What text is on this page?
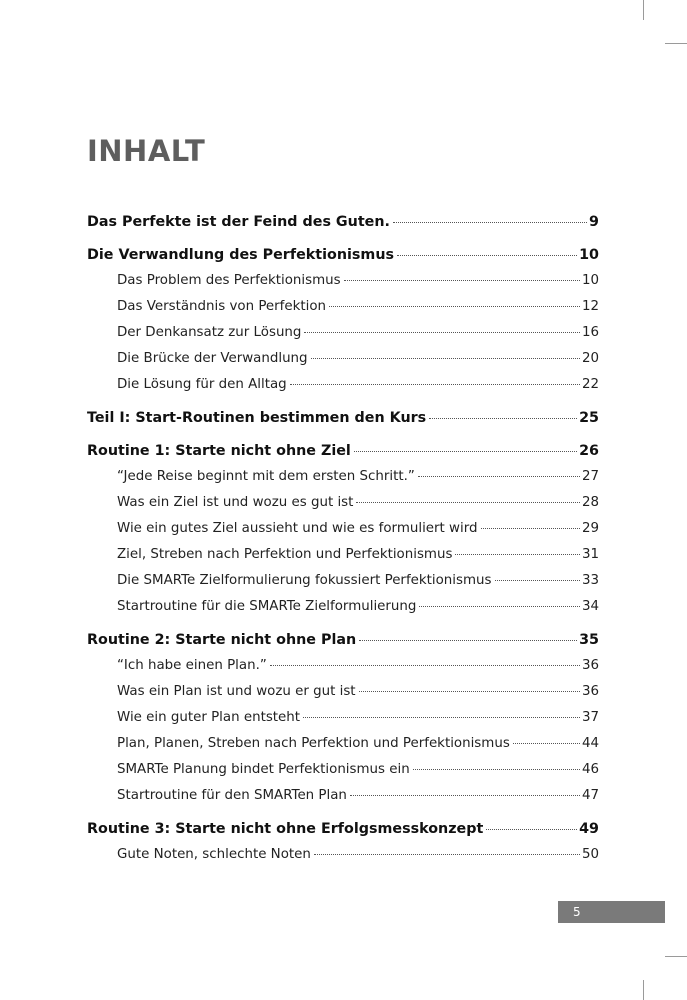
INHALT
Das Perfekte ist der Feind des Guten.	9
Die Verwandlung des Perfektionismus	10
Das Problem des Perfektionismus	10
Das Verständnis von Perfektion	12
Der Denkansatz zur Lösung	16
Die Brücke der Verwandlung	20
Die Lösung für den Alltag	22
Teil I: Start-Routinen bestimmen den Kurs	25
Routine 1: Starte nicht ohne Ziel	26
“Jede Reise beginnt mit dem ersten Schritt.”	27
Was ein Ziel ist und wozu es gut ist	28
Wie ein gutes Ziel aussieht und wie es formuliert wird	29
Ziel, Streben nach Perfektion und Perfektionismus	31
Die SMARTe Zielformulierung fokussiert Perfektionismus	33
Startroutine für die SMARTe Zielformulierung	34
Routine 2: Starte nicht ohne Plan	35
“Ich habe einen Plan.”	36
Was ein Plan ist und wozu er gut ist	36
Wie ein guter Plan entsteht	37
Plan, Planen, Streben nach Perfektion und Perfektionismus	44
SMARTe Planung bindet Perfektionismus ein	46
Startroutine für den SMARTen Plan	47
Routine 3: Starte nicht ohne Erfolgsmesskonzept	49
Gute Noten, schlechte Noten	50
5
